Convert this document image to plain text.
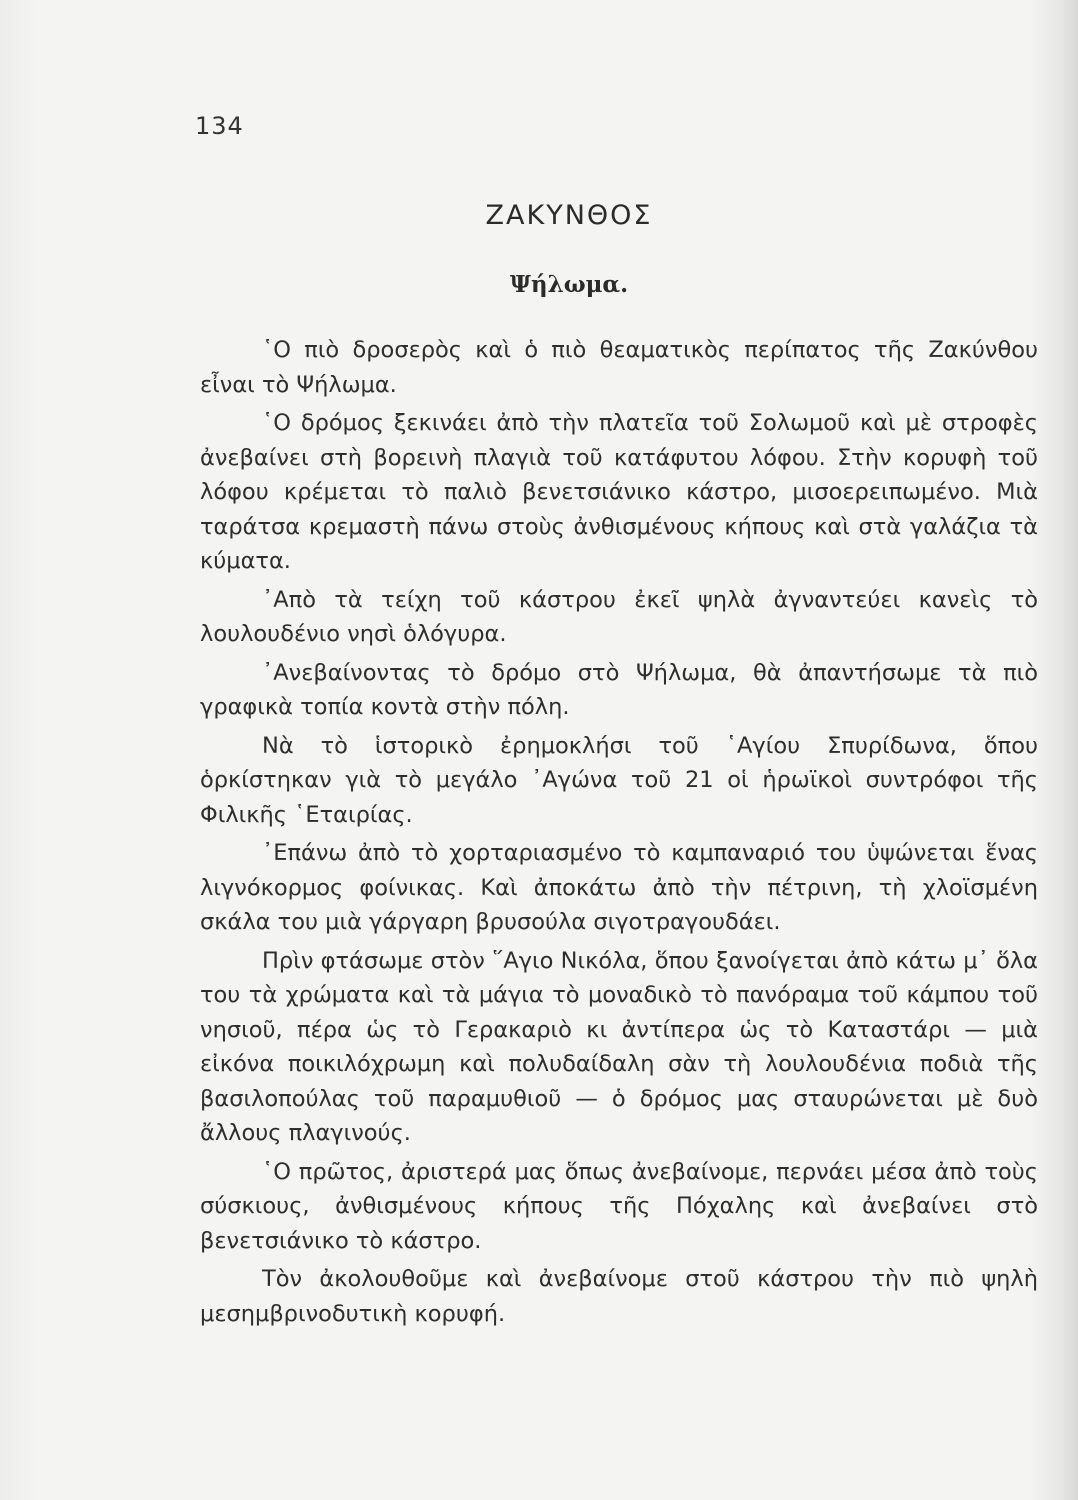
134
ΖΑΚΥΝΘΟΣ
Ψήλωμα.

῾Ο πιὸ δροσερὸς καὶ ὁ πιὸ θεαματικὸς περίπατος τῆς Ζακύνθου εἶναι τὸ Ψήλωμα.

῾Ο δρόμος ξεκινάει ἀπὸ τὴν πλατεῖα τοῦ Σολωμοῦ καὶ μὲ στροφὲς ἀνεβαίνει στὴ βορεινὴ πλαγιὰ τοῦ κατάφυτου λόφου. Στὴν κορυφὴ τοῦ λόφου κρέμεται τὸ παλιὸ βενετσιάνικο κάστρο, μισοερειπωμένο. Μιὰ ταράτσα κρεμαστὴ πάνω στοὺς ἀνθισμένους κήπους καὶ στὰ γαλάζια τὰ κύματα.

᾿Απὸ τὰ τείχη τοῦ κάστρου ἐκεῖ ψηλὰ ἀγναντεύει κανεὶς τὸ λουλουδένιο νησὶ ὁλόγυρα.

᾿Ανεβαίνοντας τὸ δρόμο στὸ Ψήλωμα, θὰ ἀπαντήσωμε τὰ πιὸ γραφικὰ τοπία κοντὰ στὴν πόλη.

Νὰ τὸ ἱστορικὸ ἐρημοκλήσι τοῦ ῾Αγίου Σπυρίδωνα, ὅπου ὁρκίστηκαν γιὰ τὸ μεγάλο ᾿Αγώνα τοῦ 21 οἱ ἡρωϊκοὶ συντρόφοι τῆς Φιλικῆς ῾Εταιρίας.

᾿Επάνω ἀπὸ τὸ χορταριασμένο τὸ καμπαναριό του ὑψώνεται ἕνας λιγνόκορμος φοίνικας. Καὶ ἀποκάτω ἀπὸ τὴν πέτρινη, τὴ χλοϊσμένη σκάλα του μιὰ γάργαρη βρυσούλα σιγοτραγουδάει.

Πρὶν φτάσωμε στὸν ῞Αγιο Νικόλα, ὅπου ξανοίγεται ἀπὸ κάτω μ᾿ ὅλα του τὰ χρώματα καὶ τὰ μάγια τὸ μοναδικὸ τὸ πανόραμα τοῦ κάμπου τοῦ νησιοῦ, πέρα ὡς τὸ Γερακαριὸ κι ἀντίπερα ὡς τὸ Καταστάρι — μιὰ εἰκόνα ποικιλόχρωμη καὶ πολυδαίδαλη σὰν τὴ λουλουδένια ποδιὰ τῆς βασιλοπούλας τοῦ παραμυθιοῦ — ὁ δρόμος μας σταυρώνεται μὲ δυὸ ἄλλους πλαγινούς.

῾Ο πρῶτος, ἀριστερά μας ὅπως ἀνεβαίνομε, περνάει μέσα ἀπὸ τοὺς σύσκιους, ἀνθισμένους κήπους τῆς Πόχαλης καὶ ἀνεβαίνει στὸ βενετσιάνικο τὸ κάστρο.

Τὸν ἀκολουθοῦμε καὶ ἀνεβαίνομε στοῦ κάστρου τὴν πιὸ ψηλὴ μεσημβρινοδυτικὴ κορυφή.
